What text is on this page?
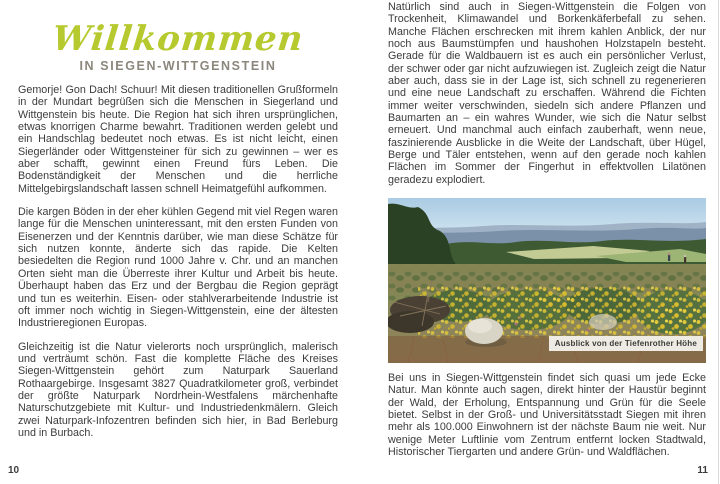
Willkommen
IN SIEGEN-WITTGENSTEIN

Gemorje! Gon Dach! Schuur! Mit diesen traditionellen Grußformeln in der Mundart begrüßen sich die Menschen in Siegerland und Wittgenstein bis heute. Die Region hat sich ihren ursprünglichen, etwas knorrigen Charme bewahrt. Traditionen werden gelebt und ein Handschlag bedeutet noch etwas. Es ist nicht leicht, einen Siegerländer oder Wittgensteiner für sich zu gewinnen – wer es aber schafft, gewinnt einen Freund fürs Leben. Die Bodenständigkeit der Menschen und die herrliche Mittelgebirgslandschaft lassen schnell Heimatgefühl aufkommen.

Die kargen Böden in der eher kühlen Gegend mit viel Regen waren lange für die Menschen uninteressant, mit den ersten Funden von Eisenerzen und der Kenntnis darüber, wie man diese Schätze für sich nutzen konnte, änderte sich das rapide. Die Kelten besiedelten die Region rund 1000 Jahre v. Chr. und an manchen Orten sieht man die Überreste ihrer Kultur und Arbeit bis heute. Überhaupt haben das Erz und der Bergbau die Region geprägt und tun es weiterhin. Eisen- oder stahlverarbeitende Industrie ist oft immer noch wichtig in Siegen-Wittgenstein, eine der ältesten Industrieregionen Europas.

Gleichzeitig ist die Natur vielerorts noch ursprünglich, malerisch und verträumt schön. Fast die komplette Fläche des Kreises Siegen-Wittgenstein gehört zum Naturpark Sauerland Rothaargebirge. Insgesamt 3827 Quadratkilometer groß, verbindet der größte Naturpark Nordrhein-Westfalens märchenhafte Naturschutzgebiete mit Kultur- und Industriedenkmälern. Gleich zwei Naturpark-Infozentren befinden sich hier, in Bad Berleburg und in Burbach.

Natürlich sind auch in Siegen-Wittgenstein die Folgen von Trockenheit, Klimawandel und Borkenkäferbefall zu sehen. Manche Flächen erschrecken mit ihrem kahlen Anblick, der nur noch aus Baumstümpfen und haushohen Holzstapeln besteht. Gerade für die Waldbauern ist es auch ein persönlicher Verlust, der schwer oder gar nicht aufzuwiegen ist. Zugleich zeigt die Natur aber auch, dass sie in der Lage ist, sich schnell zu regenerieren und eine neue Landschaft zu erschaffen. Während die Fichten immer weiter verschwinden, siedeln sich andere Pflanzen und Baumarten an – ein wahres Wunder, wie sich die Natur selbst erneuert. Und manchmal auch einfach zauberhaft, wenn neue, faszinierende Ausblicke in die Weite der Landschaft, über Hügel, Berge und Täler entstehen, wenn auf den gerade noch kahlen Flächen im Sommer der Fingerhut in effektvollen Lilatönen geradezu explodiert.

Ausblick von der Tiefenrother Höhe

Bei uns in Siegen-Wittgenstein findet sich quasi um jede Ecke Natur. Man könnte auch sagen, direkt hinter der Haustür beginnt der Wald, der Erholung, Entspannung und Grün für die Seele bietet. Selbst in der Groß- und Universitätsstadt Siegen mit ihren mehr als 100.000 Einwohnern ist der nächste Baum nie weit. Nur wenige Meter Luftlinie vom Zentrum entfernt locken Stadtwald, Historischer Tiergarten und andere Grün- und Waldflächen.

10	11
